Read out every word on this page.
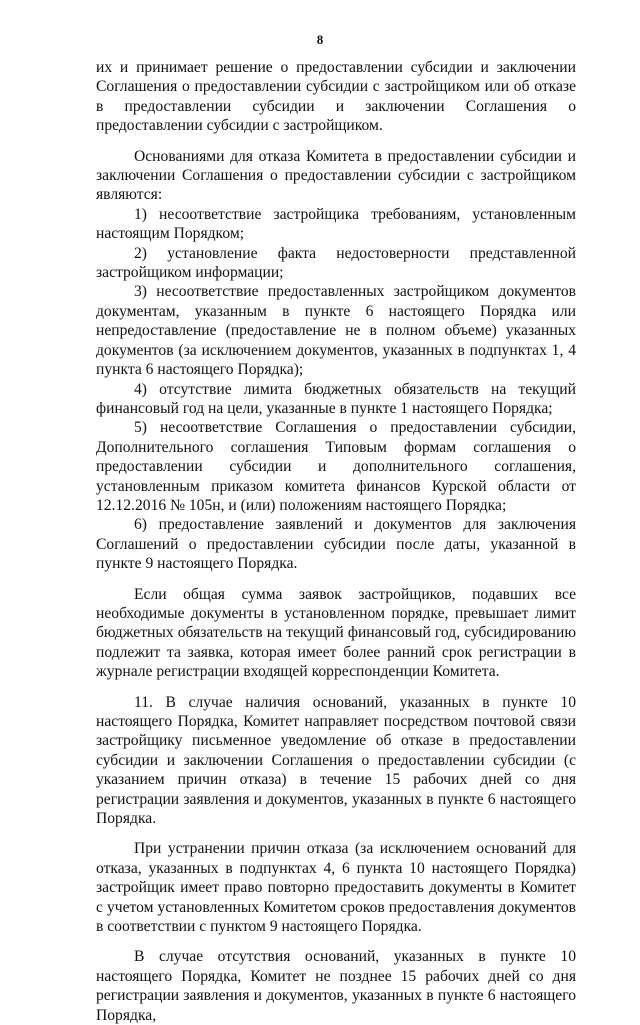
8

их и принимает решение о предоставлении субсидии и заключении Соглашения о предоставлении субсидии с застройщиком или об отказе в предоставлении субсидии и заключении Соглашения о предоставлении субсидии с застройщиком.

Основаниями для отказа Комитета в предоставлении субсидии и заключении Соглашения о предоставлении субсидии с застройщиком являются:

1) несоответствие застройщика требованиям, установленным настоящим Порядком;

2) установление факта недостоверности представленной застройщиком информации;

3) несоответствие предоставленных застройщиком документов документам, указанным в пункте 6 настоящего Порядка или непредоставление (предоставление не в полном объеме) указанных документов (за исключением документов, указанных в подпунктах 1, 4 пункта 6 настоящего Порядка);

4) отсутствие лимита бюджетных обязательств на текущий финансовый год на цели, указанные в пункте 1 настоящего Порядка;

5) несоответствие Соглашения о предоставлении субсидии, Дополнительного соглашения Типовым формам соглашения о предоставлении субсидии и дополнительного соглашения, установленным приказом комитета финансов Курской области от 12.12.2016 № 105н, и (или) положениям настоящего Порядка;

6) предоставление заявлений и документов для заключения Соглашений о предоставлении субсидии после даты, указанной в пункте 9 настоящего Порядка.

Если общая сумма заявок застройщиков, подавших все необходимые документы в установленном порядке, превышает лимит бюджетных обязательств на текущий финансовый год, субсидированию подлежит та заявка, которая имеет более ранний срок регистрации в журнале регистрации входящей корреспонденции Комитета.

11. В случае наличия оснований, указанных в пункте 10 настоящего Порядка, Комитет направляет посредством почтовой связи застройщику письменное уведомление об отказе в предоставлении субсидии и заключении Соглашения о предоставлении субсидии (с указанием причин отказа) в течение 15 рабочих дней со дня регистрации заявления и документов, указанных в пункте 6 настоящего Порядка.

При устранении причин отказа (за исключением оснований для отказа, указанных в подпунктах 4, 6 пункта 10 настоящего Порядка) застройщик имеет право повторно предоставить документы в Комитет с учетом установленных Комитетом сроков предоставления документов в соответствии с пунктом 9 настоящего Порядка.

В случае отсутствия оснований, указанных в пункте 10 настоящего Порядка, Комитет не позднее 15 рабочих дней со дня регистрации заявления и документов, указанных в пункте 6 настоящего Порядка,
